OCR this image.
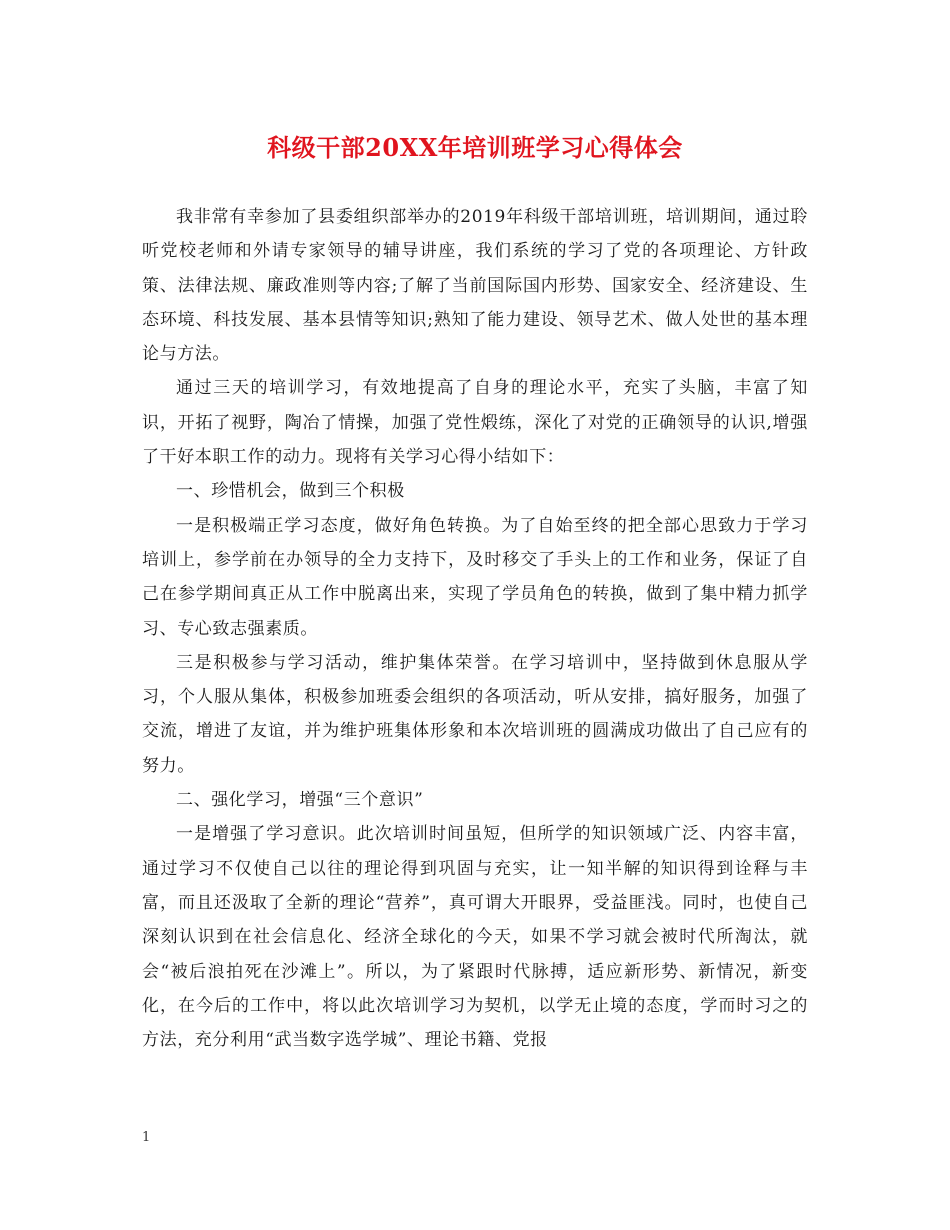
科级干部20XX年培训班学习心得体会

我非常有幸参加了县委组织部举办的2019年科级干部培训班，培训期间，通过聆听党校老师和外请专家领导的辅导讲座，我们系统的学习了党的各项理论、方针政策、法律法规、廉政准则等内容;了解了当前国际国内形势、国家安全、经济建设、生态环境、科技发展、基本县情等知识;熟知了能力建设、领导艺术、做人处世的基本理论与方法。

通过三天的培训学习，有效地提高了自身的理论水平，充实了头脑，丰富了知识，开拓了视野，陶冶了情操，加强了党性煅练，深化了对党的正确领导的认识,增强了干好本职工作的动力。现将有关学习心得小结如下：

一、珍惜机会，做到三个积极

一是积极端正学习态度，做好角色转换。为了自始至终的把全部心思致力于学习培训上，参学前在办领导的全力支持下，及时移交了手头上的工作和业务，保证了自己在参学期间真正从工作中脱离出来，实现了学员角色的转换，做到了集中精力抓学习、专心致志强素质。

三是积极参与学习活动，维护集体荣誉。在学习培训中，坚持做到休息服从学习，个人服从集体，积极参加班委会组织的各项活动，听从安排，搞好服务，加强了交流，增进了友谊，并为维护班集体形象和本次培训班的圆满成功做出了自己应有的努力。

二、强化学习，增强“三个意识”

一是增强了学习意识。此次培训时间虽短，但所学的知识领域广泛、内容丰富，通过学习不仅使自己以往的理论得到巩固与充实，让一知半解的知识得到诠释与丰富，而且还汲取了全新的理论“营养”，真可谓大开眼界，受益匪浅。同时，也使自己深刻认识到在社会信息化、经济全球化的今天，如果不学习就会被时代所淘汰，就会“被后浪拍死在沙滩上”。所以，为了紧跟时代脉搏，适应新形势、新情况，新变化，在今后的工作中，将以此次培训学习为契机，以学无止境的态度，学而时习之的方法，充分利用“武当数字选学城”、理论书籍、党报

1
